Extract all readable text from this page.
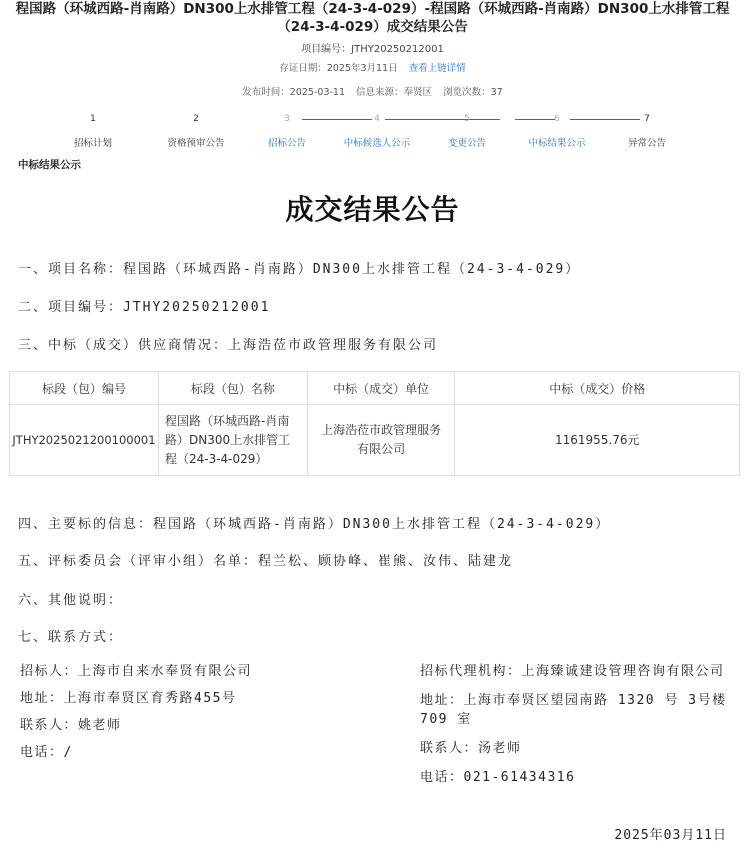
程国路（环城西路-肖南路）DN300上水排管工程（24-3-4-029）-程国路（环城西路-肖南路）DN300上水排管工程（24-3-4-029）成交结果公告
项目编号：JTHY20250212001
存证日期：2025年3月11日 查看上链详情
发布时间：2025-03-11 信息来源：奉贤区 浏览次数：37
1
招标计划
2
资格预审公告
3
招标公告
4
中标候选人公示
5
变更公告
6
中标结果公示
7
异常公告
中标结果公示
成交结果公告
一、项目名称：程国路（环城西路-肖南路）DN300上水排管工程（24-3-4-029）
二、项目编号：JTHY20250212001
三、中标（成交）供应商情况：上海浩莅市政管理服务有限公司
标段（包）编号	标段（包）名称	中标（成交）单位	中标（成交）价格
JTHY2025021200100001	程国路（环城西路-肖南路）DN300上水排管工程（24-3-4-029）	上海浩莅市政管理服务有限公司	1161955.76元
四、主要标的信息：程国路（环城西路-肖南路）DN300上水排管工程（24-3-4-029）
五、评标委员会（评审小组）名单：程兰松、顾协峰、崔熊、汝伟、陆建龙
六、其他说明：
七、联系方式：
招标人：上海市自来水奉贤有限公司
地址：上海市奉贤区育秀路455号
联系人：姚老师
电话：/
招标代理机构：上海臻诚建设管理咨询有限公司
地址：上海市奉贤区望园南路 1320 号 3号楼 709 室
联系人：汤老师
电话：021-61434316
2025年03月11日
